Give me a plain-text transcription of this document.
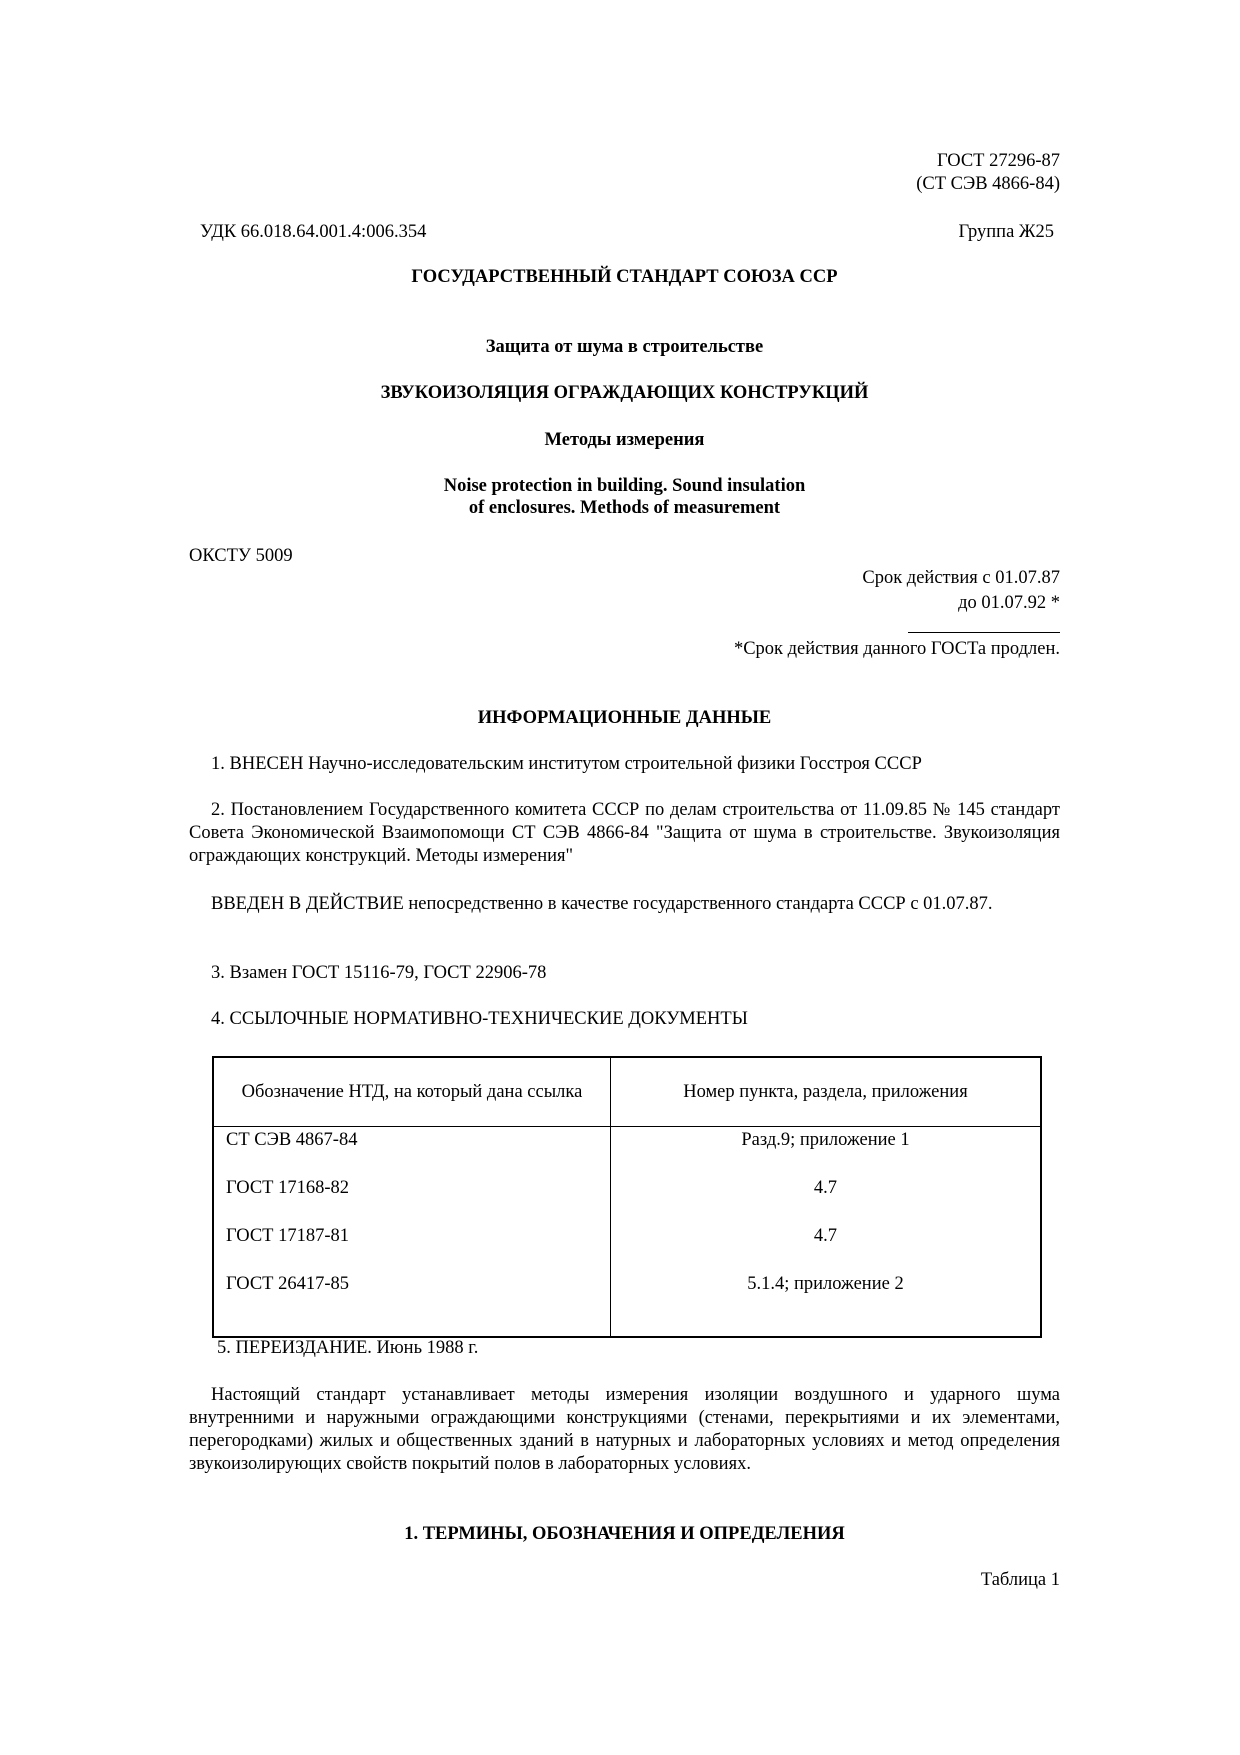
ГОСТ 27296-87
(СТ СЭВ 4866-84)
УДК 66.018.64.001.4:006.354	Группа Ж25
ГОСУДАРСТВЕННЫЙ СТАНДАРТ СОЮЗА ССР
Защита от шума в строительстве
ЗВУКОИЗОЛЯЦИЯ ОГРАЖДАЮЩИХ КОНСТРУКЦИЙ
Методы измерения
Noise protection in building. Sound insulation
of enclosures. Methods of measurement
ОКСТУ 5009
Срок действия с 01.07.87
до 01.07.92 *
*Срок действия данного ГОСТа продлен.
ИНФОРМАЦИОННЫЕ ДАННЫЕ
1. ВНЕСЕН Научно-исследовательским институтом строительной физики Госстроя СССР
2. Постановлением Государственного комитета СССР по делам строительства от 11.09.85 № 145 стандарт Совета Экономической Взаимопомощи СТ СЭВ 4866-84 "Защита от шума в строительстве. Звукоизоляция ограждающих конструкций. Методы измерения"
ВВЕДЕН В ДЕЙСТВИЕ непосредственно в качестве государственного стандарта СССР с 01.07.87.
3. Взамен ГОСТ 15116-79, ГОСТ 22906-78
4. ССЫЛОЧНЫЕ НОРМАТИВНО-ТЕХНИЧЕСКИЕ ДОКУМЕНТЫ
Обозначение НТД, на который дана ссылка	Номер пункта, раздела, приложения
СТ СЭВ 4867-84	Разд.9; приложение 1
ГОСТ 17168-82	4.7
ГОСТ 17187-81	4.7
ГОСТ 26417-85	5.1.4; приложение 2
5. ПЕРЕИЗДАНИЕ. Июнь 1988 г.
Настоящий стандарт устанавливает методы измерения изоляции воздушного и ударного шума внутренними и наружными ограждающими конструкциями (стенами, перекрытиями и их элементами, перегородками) жилых и общественных зданий в натурных и лабораторных условиях и метод определения звукоизолирующих свойств покрытий полов в лабораторных условиях.
1. ТЕРМИНЫ, ОБОЗНАЧЕНИЯ И ОПРЕДЕЛЕНИЯ
Таблица 1
